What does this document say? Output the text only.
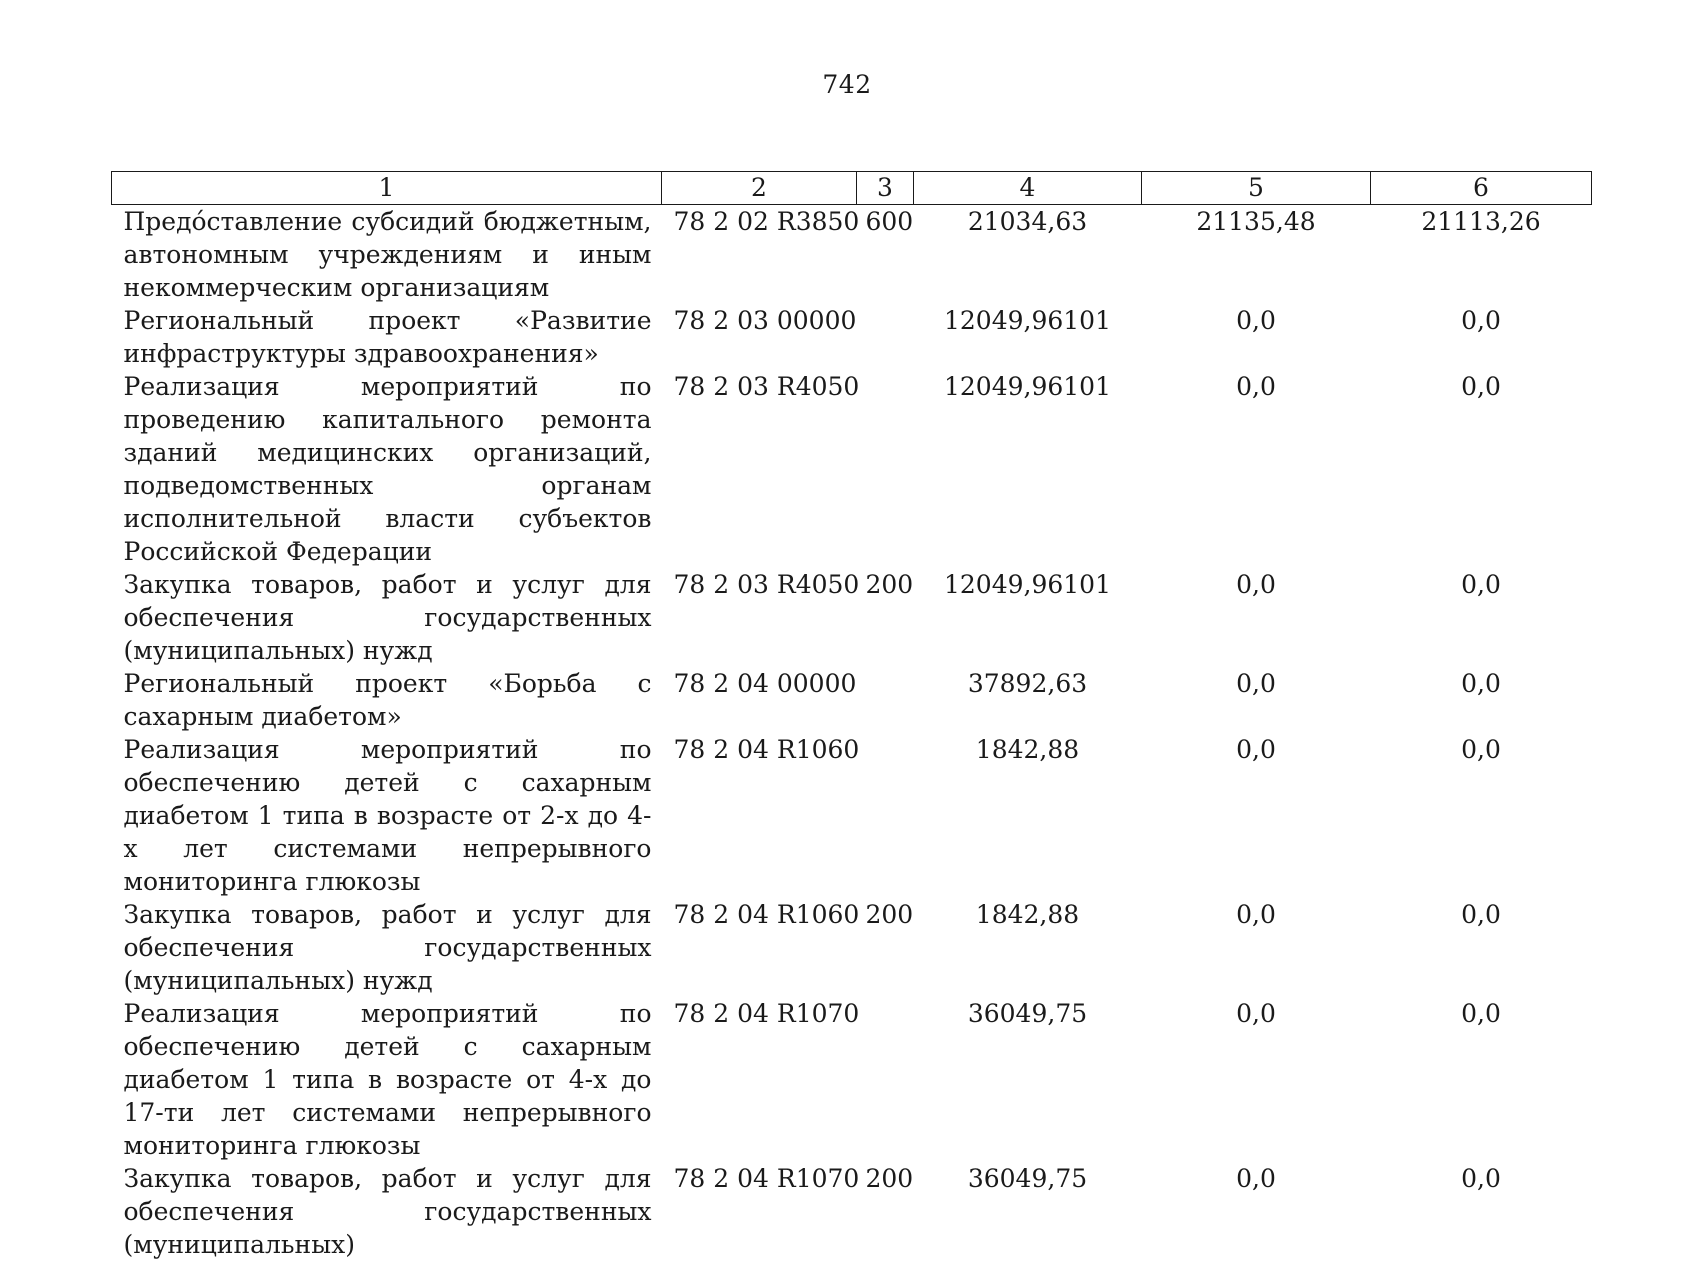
742
1	2	3	4	5	6
Предо́ставление субсидий бюджетным, автономным учреждениям и иным некоммерческим организациям	78 2 02 R3850	600	21034,63	21135,48	21113,26
Региональный проект «Развитие инфраструктуры здравоохранения»	78 2 03 00000		12049,96101	0,0	0,0
Реализация мероприятий по проведению капитального ремонта зданий медицинских организаций, подведомственных органам исполнительной власти субъектов Российской Федерации	78 2 03 R4050		12049,96101	0,0	0,0
Закупка товаров, работ и услуг для обеспечения государственных (муниципальных) нужд	78 2 03 R4050	200	12049,96101	0,0	0,0
Региональный проект «Борьба с сахарным диабетом»	78 2 04 00000		37892,63	0,0	0,0
Реализация мероприятий по обеспечению детей с сахарным диабетом 1 типа в возрасте от 2-х до 4-х лет системами непрерывного мониторинга глюкозы	78 2 04 R1060		1842,88	0,0	0,0
Закупка товаров, работ и услуг для обеспечения государственных (муниципальных) нужд	78 2 04 R1060	200	1842,88	0,0	0,0
Реализация мероприятий по обеспечению детей с сахарным диабетом 1 типа в возрасте от 4-х до 17-ти лет системами непрерывного мониторинга глюкозы	78 2 04 R1070		36049,75	0,0	0,0
Закупка товаров, работ и услуг для обеспечения государственных (муниципальных)	78 2 04 R1070	200	36049,75	0,0	0,0
